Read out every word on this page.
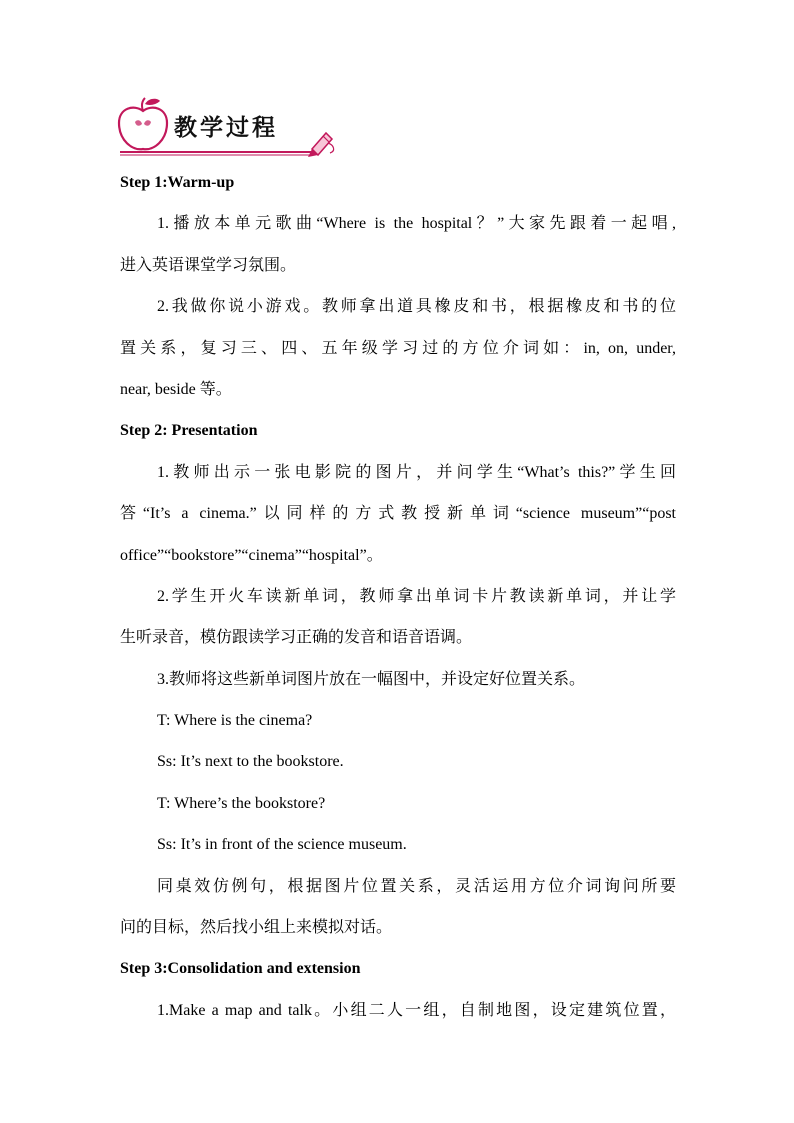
教学过程
Step 1:Warm-up
1.播放本单元歌曲“Where is the hospital？”大家先跟着一起唱,
进入英语课堂学习氛围。
2.我做你说小游戏。教师拿出道具橡皮和书，根据橡皮和书的位
置关系，复习三、四、五年级学习过的方位介词如：in, on, under,
near, beside 等。
Step 2: Presentation
1.教师出示一张电影院的图片，并问学生“What’s this?”学生回
答“It’s a cinema.”以同样的方式教授新单词“science museum”“post
office”“bookstore”“cinema”“hospital”。
2.学生开火车读新单词，教师拿出单词卡片教读新单词，并让学
生听录音，模仿跟读学习正确的发音和语音语调。
3.教师将这些新单词图片放在一幅图中，并设定好位置关系。
T: Where is the cinema?
Ss: It’s next to the bookstore.
T: Where’s the bookstore?
Ss: It’s in front of the science museum.
同桌效仿例句，根据图片位置关系，灵活运用方位介词询问所要
问的目标，然后找小组上来模拟对话。
Step 3:Consolidation and extension
1.Make a map and talk。小组二人一组，自制地图，设定建筑位置，
